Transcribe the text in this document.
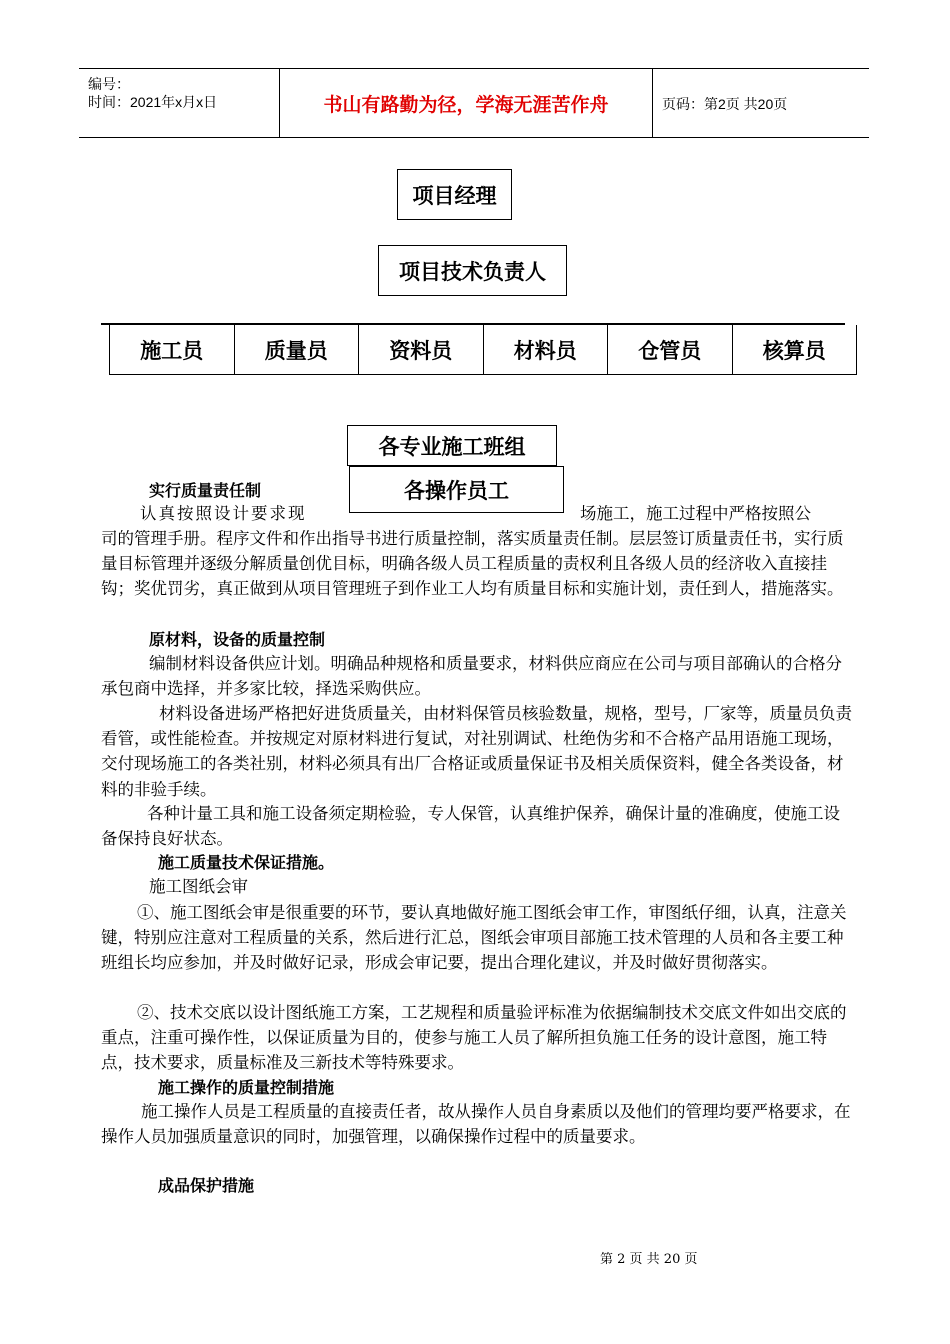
编号：
时间：2021年x月x日	书山有路勤为径，学海无涯苦作舟	页码：第2页 共20页
项目经理
项目技术负责人
施工员	质量员	资料员	材料员	仓管员	核算员
各专业施工班组
各操作员工
实行质量责任制
认真按照设计要求现	场施工，施工过程中严格按照公
司的管理手册。程序文件和作出指导书进行质量控制，落实质量责任制。层层签订质量责任书，实行质量目标管理并逐级分解质量创优目标，明确各级人员工程质量的责权利且各级人员的经济收入直接挂钩；奖优罚劣，真正做到从项目管理班子到作业工人均有质量目标和实施计划，责任到人，措施落实。
原材料，设备的质量控制
编制材料设备供应计划。明确品种规格和质量要求，材料供应商应在公司与项目部确认的合格分承包商中选择，并多家比较，择选采购供应。
材料设备进场严格把好进货质量关，由材料保管员核验数量，规格，型号，厂家等，质量员负责看管，或性能检查。并按规定对原材料进行复试，对社别调试、杜绝伪劣和不合格产品用语施工现场，交付现场施工的各类社别，材料必须具有出厂合格证或质量保证书及相关质保资料，健全各类设备，材料的非验手续。
各种计量工具和施工设备须定期检验，专人保管，认真维护保养，确保计量的准确度，使施工设备保持良好状态。
施工质量技术保证措施。
施工图纸会审
①、施工图纸会审是很重要的环节，要认真地做好施工图纸会审工作，审图纸仔细，认真，注意关键，特别应注意对工程质量的关系，然后进行汇总，图纸会审项目部施工技术管理的人员和各主要工种班组长均应参加，并及时做好记录，形成会审记要，提出合理化建议，并及时做好贯彻落实。
②、技术交底以设计图纸施工方案，工艺规程和质量验评标准为依据编制技术交底文件如出交底的重点，注重可操作性，以保证质量为目的，使参与施工人员了解所担负施工任务的设计意图，施工特点，技术要求，质量标准及三新技术等特殊要求。
施工操作的质量控制措施
施工操作人员是工程质量的直接责任者，故从操作人员自身素质以及他们的管理均要严格要求，在操作人员加强质量意识的同时，加强管理，以确保操作过程中的质量要求。
成品保护措施
第 2 页 共 20 页
